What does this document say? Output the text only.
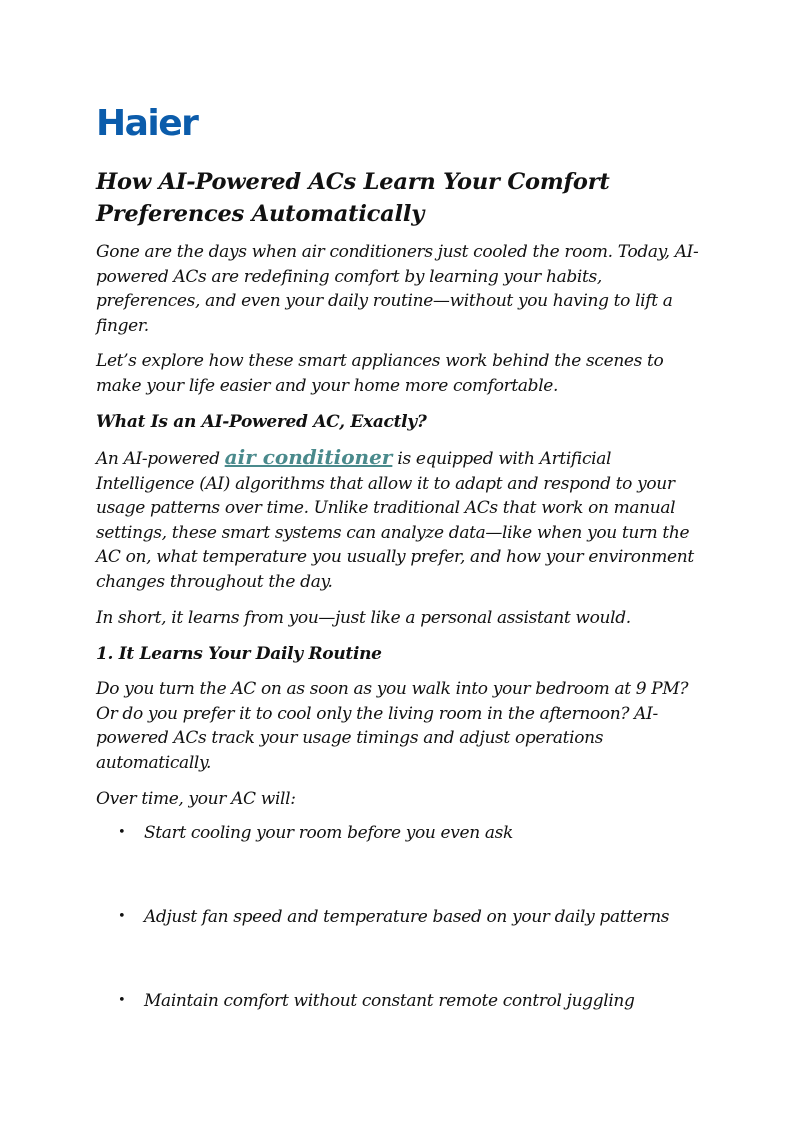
Haier
How AI-Powered ACs Learn Your Comfort Preferences Automatically

Gone are the days when air conditioners just cooled the room. Today, AI-powered ACs are redefining comfort by learning your habits, preferences, and even your daily routine—without you having to lift a finger.

Let’s explore how these smart appliances work behind the scenes to make your life easier and your home more comfortable.

What Is an AI-Powered AC, Exactly?

An AI-powered air conditioner is equipped with Artificial Intelligence (AI) algorithms that allow it to adapt and respond to your usage patterns over time. Unlike traditional ACs that work on manual settings, these smart systems can analyze data—like when you turn the AC on, what temperature you usually prefer, and how your environment changes throughout the day.

In short, it learns from you—just like a personal assistant would.

1. It Learns Your Daily Routine

Do you turn the AC on as soon as you walk into your bedroom at 9 PM? Or do you prefer it to cool only the living room in the afternoon? AI-powered ACs track your usage timings and adjust operations automatically.

Over time, your AC will:

• Start cooling your room before you even ask
• Adjust fan speed and temperature based on your daily patterns
• Maintain comfort without constant remote control juggling
